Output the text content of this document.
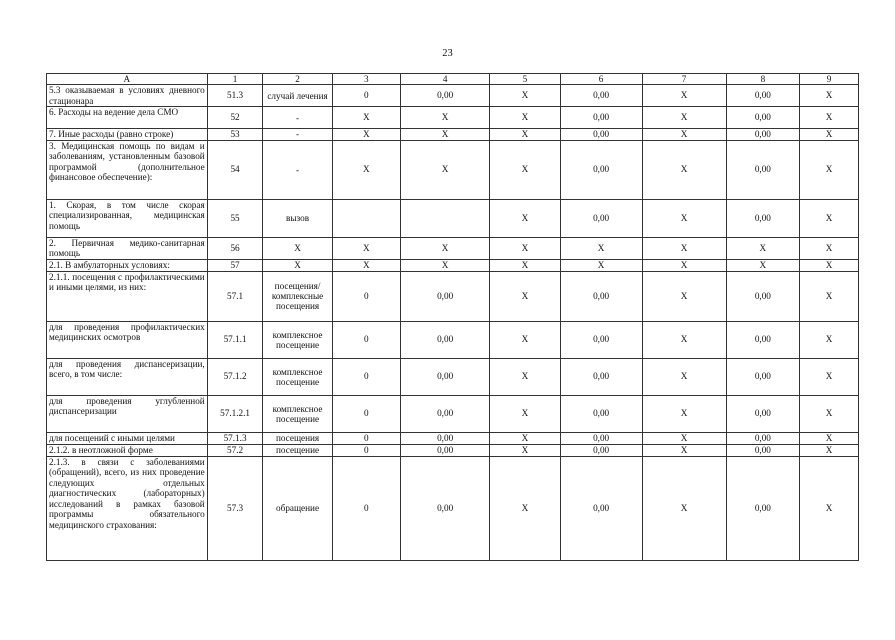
23
А	1	2	3	4	5	6	7	8	9
5.3 оказываемая в условиях дневного стационара	51.3	случай лечения	0	0,00	X	0,00	X	0,00	X
6. Расходы на ведение дела СМО	52	-	X	X	X	0,00	X	0,00	X
7. Иные расходы (равно строке)	53	-	X	X	X	0,00	X	0,00	X
3. Медицинская помощь по видам и заболеваниям, установленным базовой программой (дополнительное финансовое обеспечение):	54	-	X	X	X	0,00	X	0,00	X
1. Скорая, в том числе скорая специализированная, медицинская помощь	55	вызов			X	0,00	X	0,00	X
2. Первичная медико-санитарная помощь	56	X	X	X	X	X	X	X	X
2.1. В амбулаторных условиях:	57	X	X	X	X	X	X	X	X
2.1.1. посещения с профилактическими и иными целями, из них:	57.1	посещения/комплексные посещения	0	0,00	X	0,00	X	0,00	X
для проведения профилактических медицинских осмотров	57.1.1	комплексное посещение	0	0,00	X	0,00	X	0,00	X
для проведения диспансеризации, всего, в том числе:	57.1.2	комплексное посещение	0	0,00	X	0,00	X	0,00	X
для проведения углубленной диспансеризации	57.1.2.1	комплексное посещение	0	0,00	X	0,00	X	0,00	X
для посещений с иными целями	57.1.3	посещения	0	0,00	X	0,00	X	0,00	X
2.1.2. в неотложной форме	57.2	посещение	0	0,00	X	0,00	X	0,00	X
2.1.3. в связи с заболеваниями (обращений), всего, из них проведение следующих отдельных диагностических (лабораторных) исследований в рамках базовой программы обязательного медицинского страхования:	57.3	обращение	0	0,00	X	0,00	X	0,00	X
